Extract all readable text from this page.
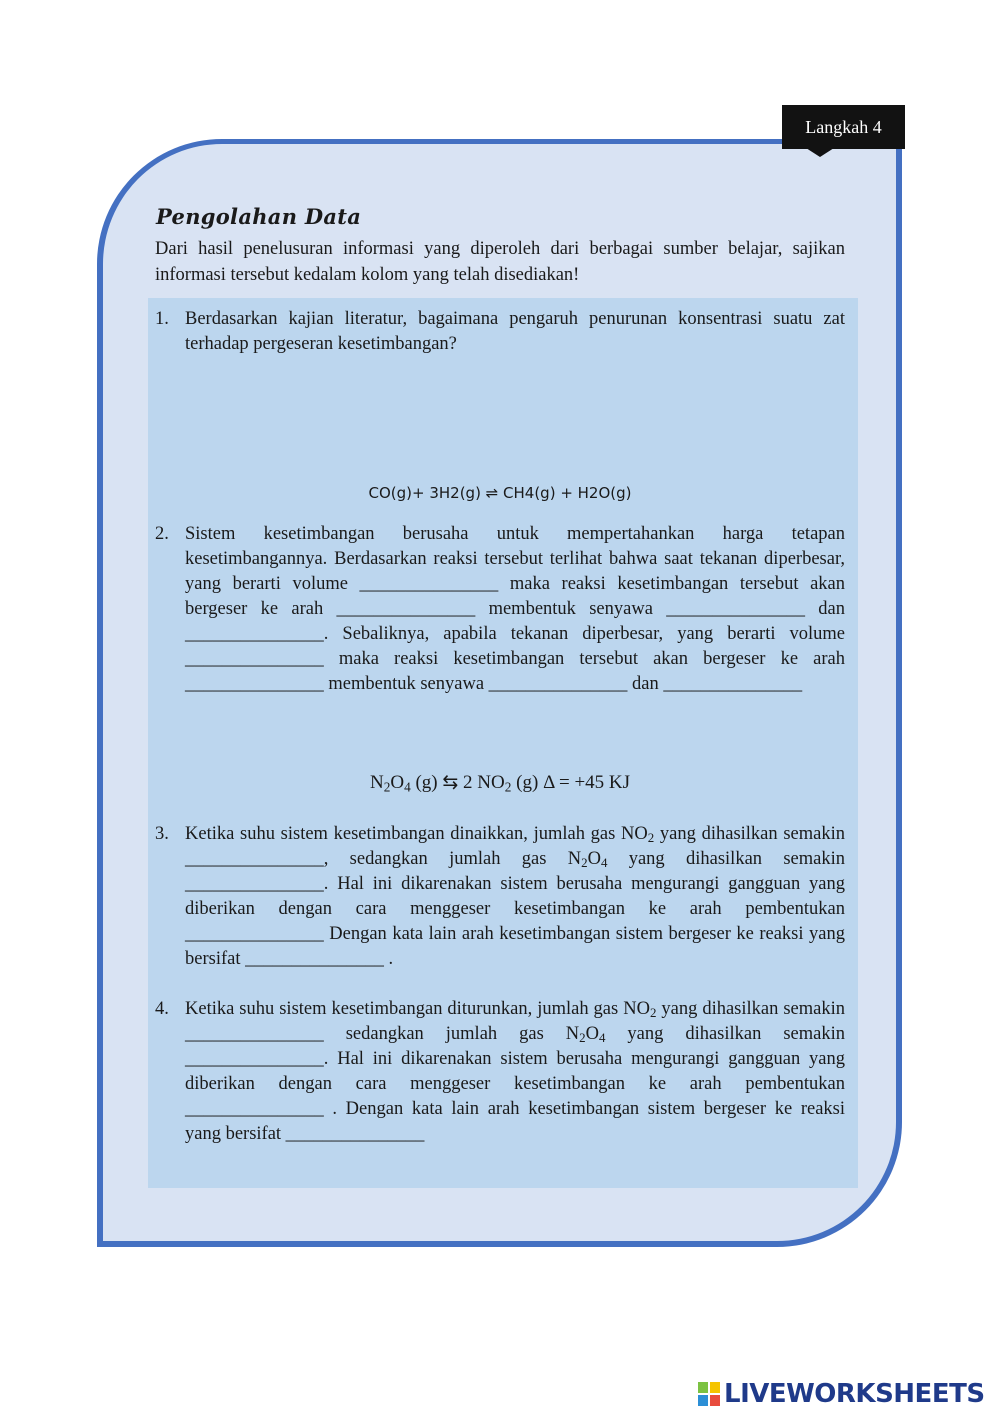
Langkah 4
Pengolahan Data
Dari hasil penelusuran informasi yang diperoleh dari berbagai sumber belajar, sajikan informasi tersebut kedalam kolom yang telah disediakan!
1. Berdasarkan kajian literatur, bagaimana pengaruh penurunan konsentrasi suatu zat terhadap pergeseran kesetimbangan?
CO(g)+ 3H2(g) ⇌ CH4(g) + H2O(g)
2. Sistem kesetimbangan berusaha untuk mempertahankan harga tetapan kesetimbangannya. Berdasarkan reaksi tersebut terlihat bahwa saat tekanan diperbesar, yang berarti volume _______________ maka reaksi kesetimbangan tersebut akan bergeser ke arah _______________ membentuk senyawa _______________ dan _______________. Sebaliknya, apabila tekanan diperbesar, yang berarti volume _______________ maka reaksi kesetimbangan tersebut akan bergeser ke arah _______________ membentuk senyawa _______________ dan _______________
$N_2O_4$ (g) ⇆ 2 $NO_2$ (g) Δ = +45 KJ
3. Ketika suhu sistem kesetimbangan dinaikkan, jumlah gas $NO_2$ yang dihasilkan semakin _______________, sedangkan jumlah gas $N_2O_4$ yang dihasilkan semakin _______________. Hal ini dikarenakan sistem berusaha mengurangi gangguan yang diberikan dengan cara menggeser kesetimbangan ke arah pembentukan _______________ Dengan kata lain arah kesetimbangan sistem bergeser ke reaksi yang bersifat _______________ .
4. Ketika suhu sistem kesetimbangan diturunkan, jumlah gas $NO_2$ yang dihasilkan semakin _______________ sedangkan jumlah gas $N_2O_4$ yang dihasilkan semakin _______________. Hal ini dikarenakan sistem berusaha mengurangi gangguan yang diberikan dengan cara menggeser kesetimbangan ke arah pembentukan _______________ . Dengan kata lain arah kesetimbangan sistem bergeser ke reaksi yang bersifat _______________
LIVEWORKSHEETS
